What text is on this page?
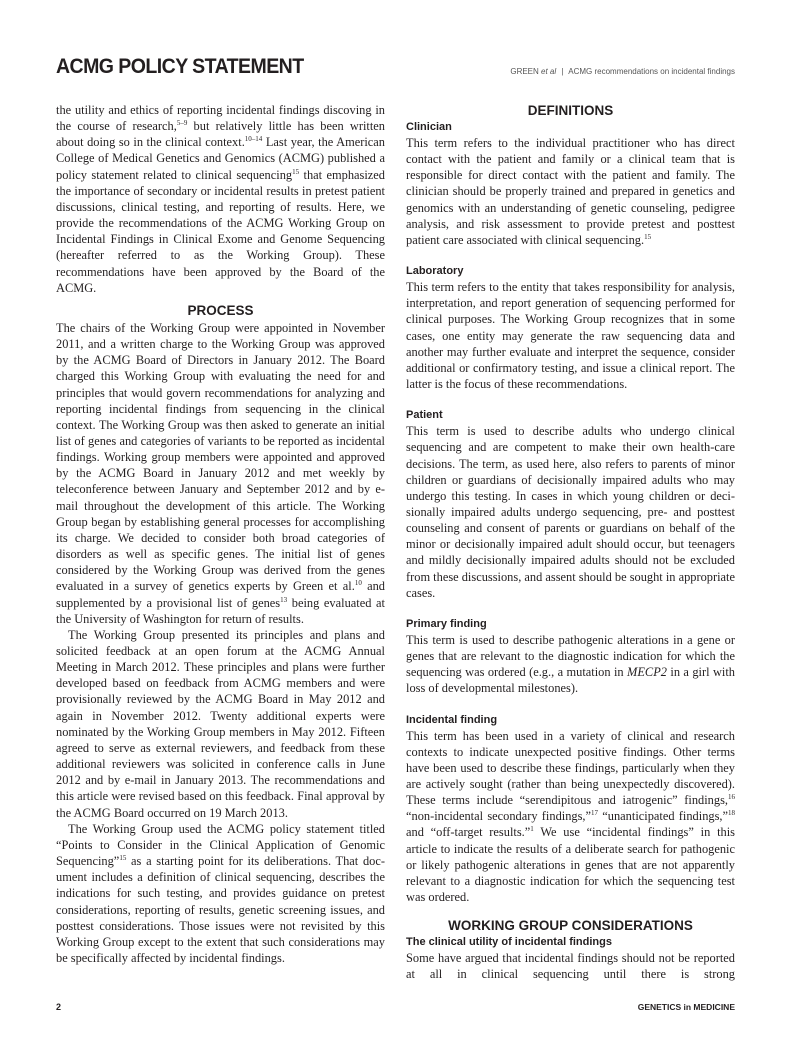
ACMG POLICY STATEMENT	GREEN et al | ACMG recommendations on incidental findings

the utility and ethics of reporting incidental findings discoving in the course of research,$^{5-9}$ but relatively little has been written about doing so in the clinical context.$^{10-14}$ Last year, the American College of Medical Genetics and Genomics (ACMG) published a policy statement related to clinical sequencing$^{15}$ that emphasized the importance of secondary or incidental results in pretest patient discussions, clinical testing, and reporting of results. Here, we provide the recommendations of the ACMG Working Group on Incidental Findings in Clinical Exome and Genome Sequencing (hereafter referred to as the Working Group). These recommendations have been approved by the Board of the ACMG.

PROCESS

The chairs of the Working Group were appointed in November 2011, and a written charge to the Working Group was approved by the ACMG Board of Directors in January 2012. The Board charged this Working Group with evaluating the need for and principles that would govern recommendations for analyzing and reporting incidental findings from sequencing in the clinical context. The Working Group was then asked to generate an initial list of genes and categories of variants to be reported as incidental findings. Working group members were appointed and approved by the ACMG Board in January 2012 and met weekly by teleconference between January and September 2012 and by e-mail throughout the development of this article. The Working Group began by establishing general processes for accomplishing its charge. We decided to consider both broad categories of disorders as well as specific genes. The initial list of genes considered by the Working Group was derived from the genes evaluated in a survey of genetics experts by Green et al.$^{10}$ and supplemented by a provisional list of genes$^{13}$ being evaluated at the University of Washington for return of results.

The Working Group presented its principles and plans and solicited feedback at an open forum at the ACMG Annual Meeting in March 2012. These principles and plans were further developed based on feedback from ACMG members and were provisionally reviewed by the ACMG Board in May 2012 and again in November 2012. Twenty additional experts were nominated by the Working Group members in May 2012. Fifteen agreed to serve as external reviewers, and feedback from these additional reviewers was solicited in conference calls in June 2012 and by e-mail in January 2013. The recommendations and this article were revised based on this feedback. Final approval by the ACMG Board occurred on 19 March 2013.

The Working Group used the ACMG policy statement titled “Points to Consider in the Clinical Application of Genomic Sequencing”$^{15}$ as a starting point for its deliberations. That document includes a definition of clinical sequencing, describes the indications for such testing, and provides guidance on pretest considerations, reporting of results, genetic screening issues, and posttest considerations. Those issues were not revisited by this Working Group except to the extent that such considerations may be specifically affected by incidental findings.

DEFINITIONS
Clinician

This term refers to the individual practitioner who has direct contact with the patient and family or a clinical team that is responsible for direct contact with the patient and family. The clinician should be properly trained and prepared in genetics and genomics with an understanding of genetic counseling, pedigree analysis, and risk assessment to provide pretest and posttest patient care associated with clinical sequencing.$^{15}$

Laboratory

This term refers to the entity that takes responsibility for analysis, interpretation, and report generation of sequencing performed for clinical purposes. The Working Group recognizes that in some cases, one entity may generate the raw sequencing data and another may further evaluate and interpret the sequence, consider additional or confirmatory testing, and issue a clinical report. The latter is the focus of these recommendations.

Patient

This term is used to describe adults who undergo clinical sequencing and are competent to make their own health-care decisions. The term, as used here, also refers to parents of minor children or guardians of decisionally impaired adults who may undergo this testing. In cases in which young children or decisionally impaired adults undergo sequencing, pre- and posttest counseling and consent of parents or guardians on behalf of the minor or decisionally impaired adult should occur, but teenagers and mildly decisionally impaired adults should not be excluded from these discussions, and assent should be sought in appropriate cases.

Primary finding

This term is used to describe pathogenic alterations in a gene or genes that are relevant to the diagnostic indication for which the sequencing was ordered (e.g., a mutation in MECP2 in a girl with loss of developmental milestones).

Incidental finding

This term has been used in a variety of clinical and research contexts to indicate unexpected positive findings. Other terms have been used to describe these findings, particularly when they are actively sought (rather than being unexpectedly discovered). These terms include “serendipitous and iatrogenic” findings,$^{16}$ “non-incidental secondary findings,”$^{17}$ “unanticipated findings,”$^{18}$ and “off-target results.”$^1$ We use “incidental findings” in this article to indicate the results of a deliberate search for pathogenic or likely pathogenic alterations in genes that are not apparently relevant to a diagnostic indication for which the sequencing test was ordered.

WORKING GROUP CONSIDERATIONS
The clinical utility of incidental findings

Some have argued that incidental findings should not be reported at all in clinical sequencing until there is strong

2	GENETICS in MEDICINE
